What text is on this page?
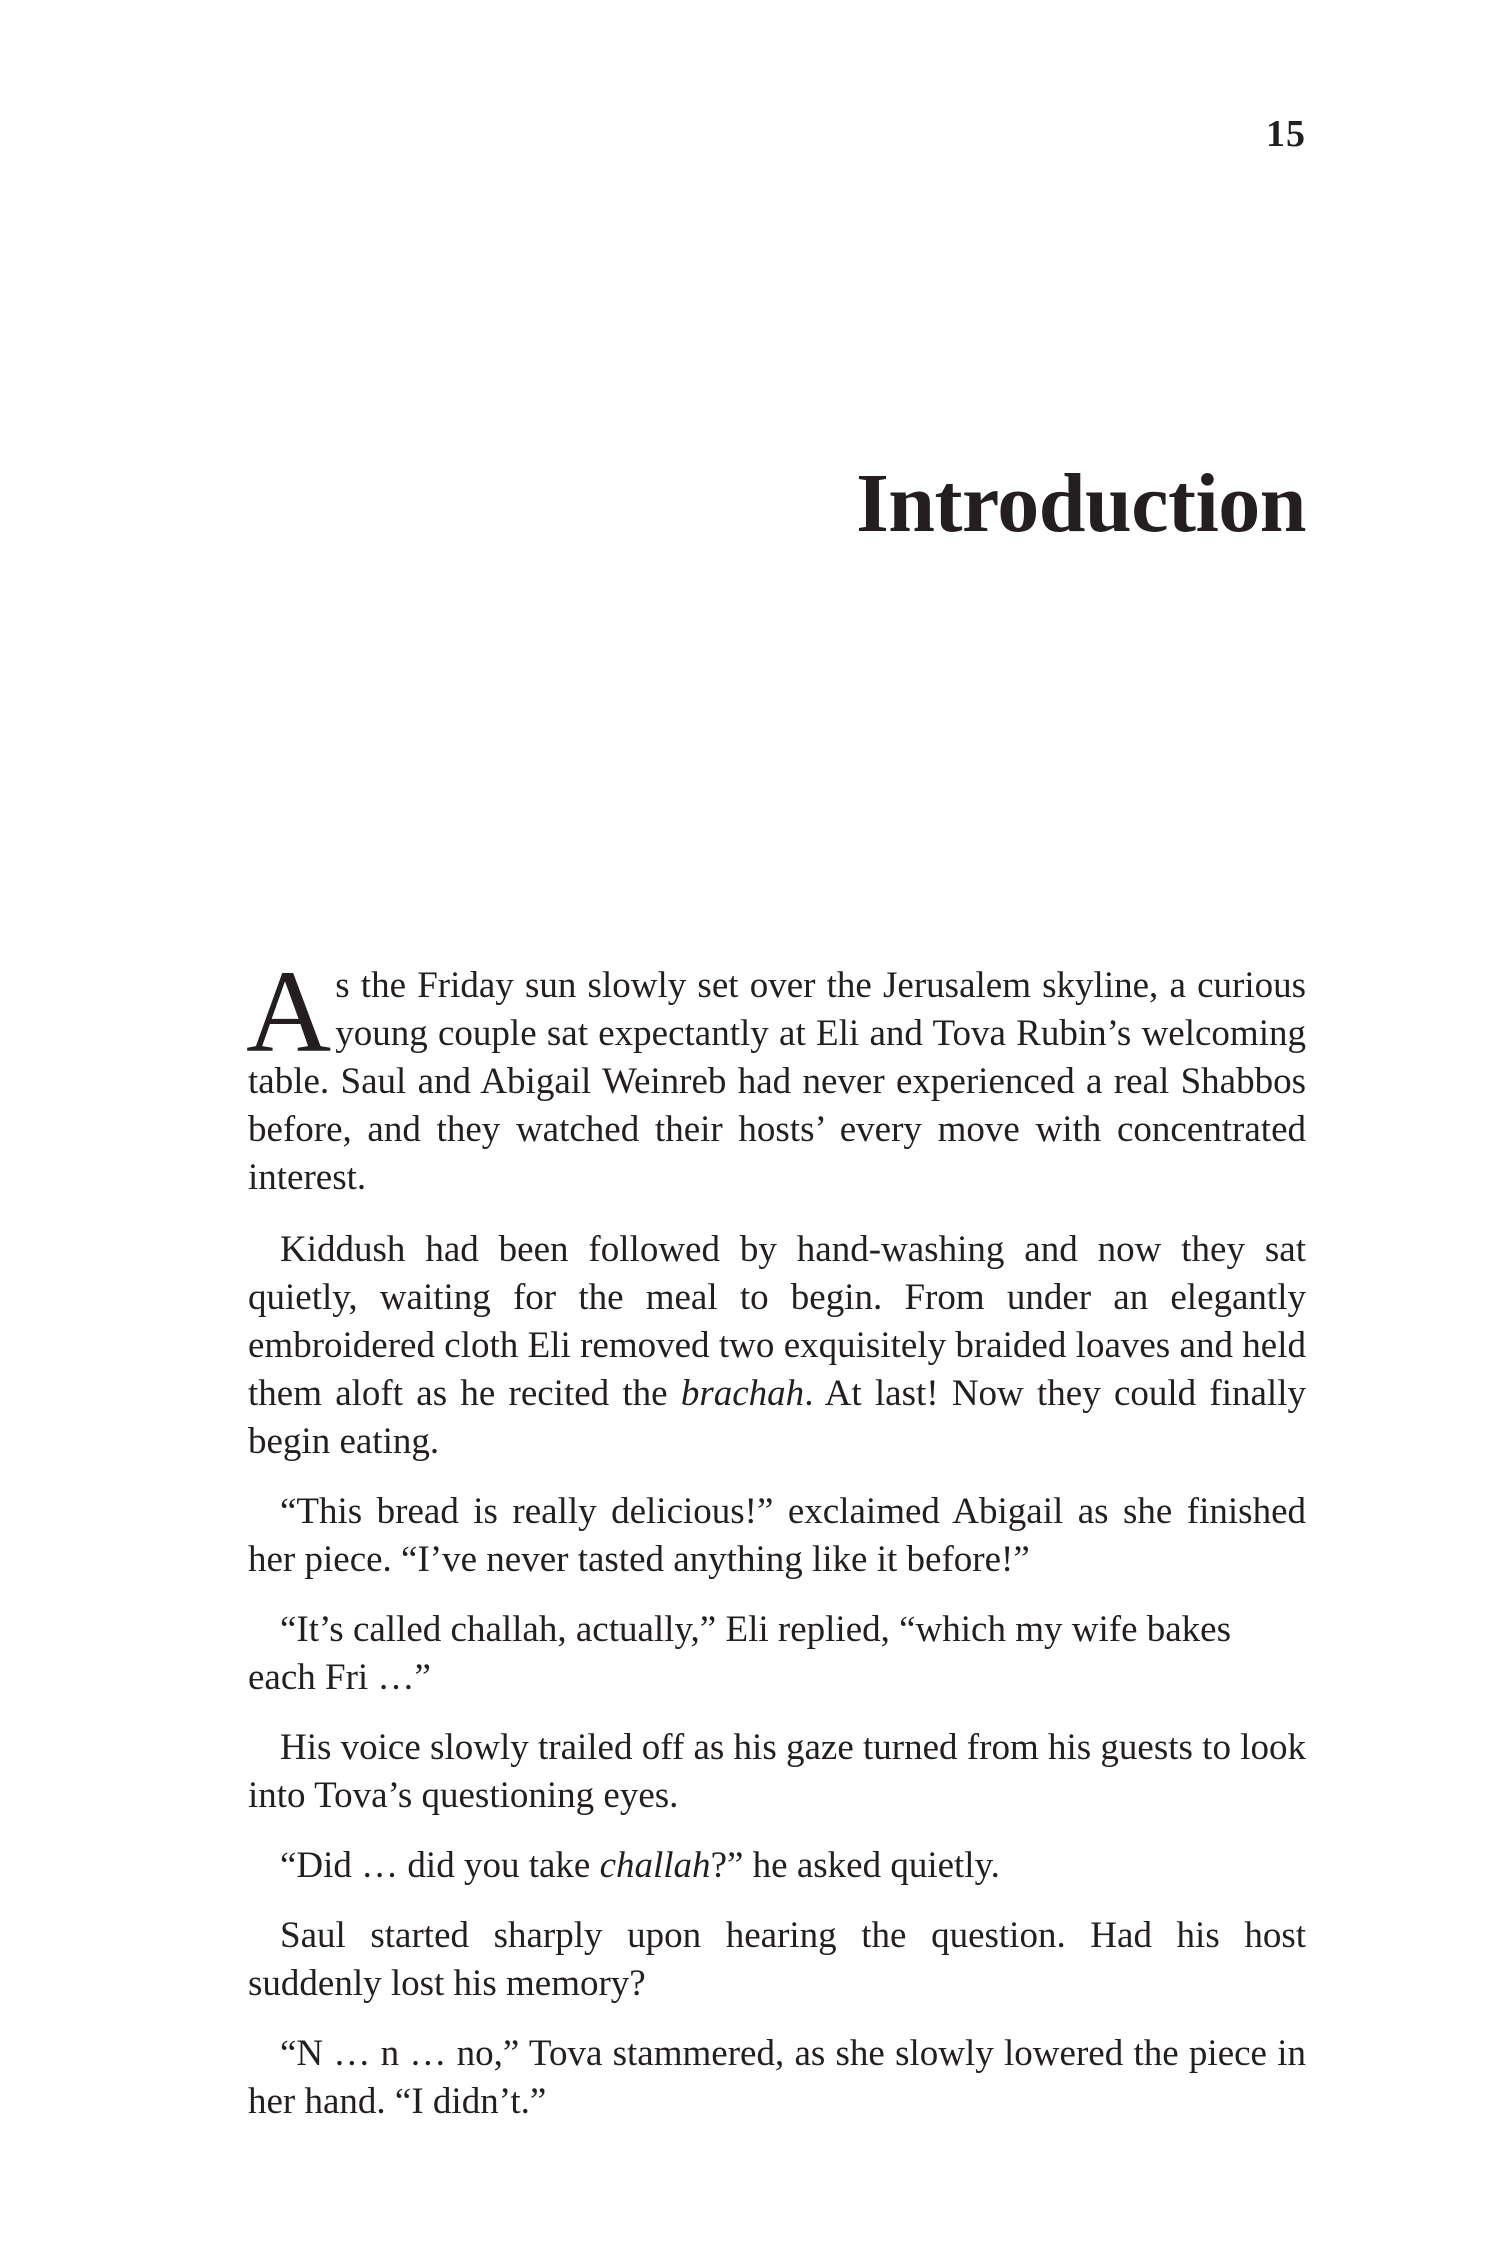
15
Introduction

As the Friday sun slowly set over the Jerusalem skyline, a curious young couple sat expectantly at Eli and Tova Rubin’s welcoming table. Saul and Abigail Weinreb had never experienced a real Shabbos before, and they watched their hosts’ every move with concentrated interest.

Kiddush had been followed by hand-washing and now they sat quietly, waiting for the meal to begin. From under an elegantly embroidered cloth Eli removed two exquisitely braided loaves and held them aloft as he recited the brachah. At last! Now they could finally begin eating.

“This bread is really delicious!” exclaimed Abigail as she finished her piece. “I’ve never tasted anything like it before!”

“It’s called challah, actually,” Eli replied, “which my wife bakes each Fri …”

His voice slowly trailed off as his gaze turned from his guests to look into Tova’s questioning eyes.

“Did … did you take challah?” he asked quietly.

Saul started sharply upon hearing the question. Had his host suddenly lost his memory?

“N … n … no,” Tova stammered, as she slowly lowered the piece in her hand. “I didn’t.”
